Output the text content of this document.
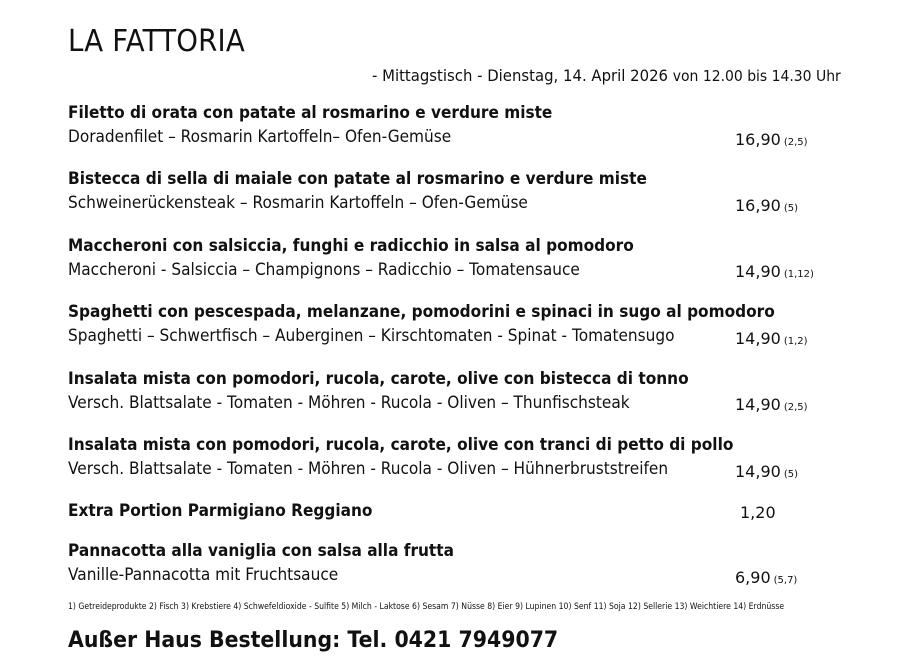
LA FATTORIA
- Mittagstisch - Dienstag, 14. April 2026 von 12.00 bis 14.30 Uhr
Filetto di orata con patate al rosmarino e verdure miste
Doradenfilet – Rosmarin Kartoffeln– Ofen-Gemüse	16,90 (2,5)
Bistecca di sella di maiale con patate al rosmarino e verdure miste
Schweinerückensteak – Rosmarin Kartoffeln – Ofen-Gemüse	16,90 (5)
Maccheroni con salsiccia, funghi e radicchio in salsa al pomodoro
Maccheroni - Salsiccia – Champignons – Radicchio – Tomatensauce	14,90 (1,12)
Spaghetti con pescespada, melanzane, pomodorini e spinaci in sugo al pomodoro
Spaghetti – Schwertfisch – Auberginen – Kirschtomaten - Spinat - Tomatensugo	14,90 (1,2)
Insalata mista con pomodori, rucola, carote, olive con bistecca di tonno
Versch. Blattsalate - Tomaten - Möhren - Rucola - Oliven – Thunfischsteak	14,90 (2,5)
Insalata mista con pomodori, rucola, carote, olive con tranci di petto di pollo
Versch. Blattsalate - Tomaten - Möhren - Rucola - Oliven – Hühnerbruststreifen	14,90 (5)
Extra Portion Parmigiano Reggiano	1,20
Pannacotta alla vaniglia con salsa alla frutta
Vanille-Pannacotta mit Fruchtsauce	6,90 (5,7)
1) Getreideprodukte 2) Fisch 3) Krebstiere 4) Schwefeldioxide - Sulfite 5) Milch - Laktose 6) Sesam 7) Nüsse 8) Eier 9) Lupinen 10) Senf 11) Soja 12) Sellerie 13) Weichtiere 14) Erdnüsse
Außer Haus Bestellung: Tel. 0421 7949077
